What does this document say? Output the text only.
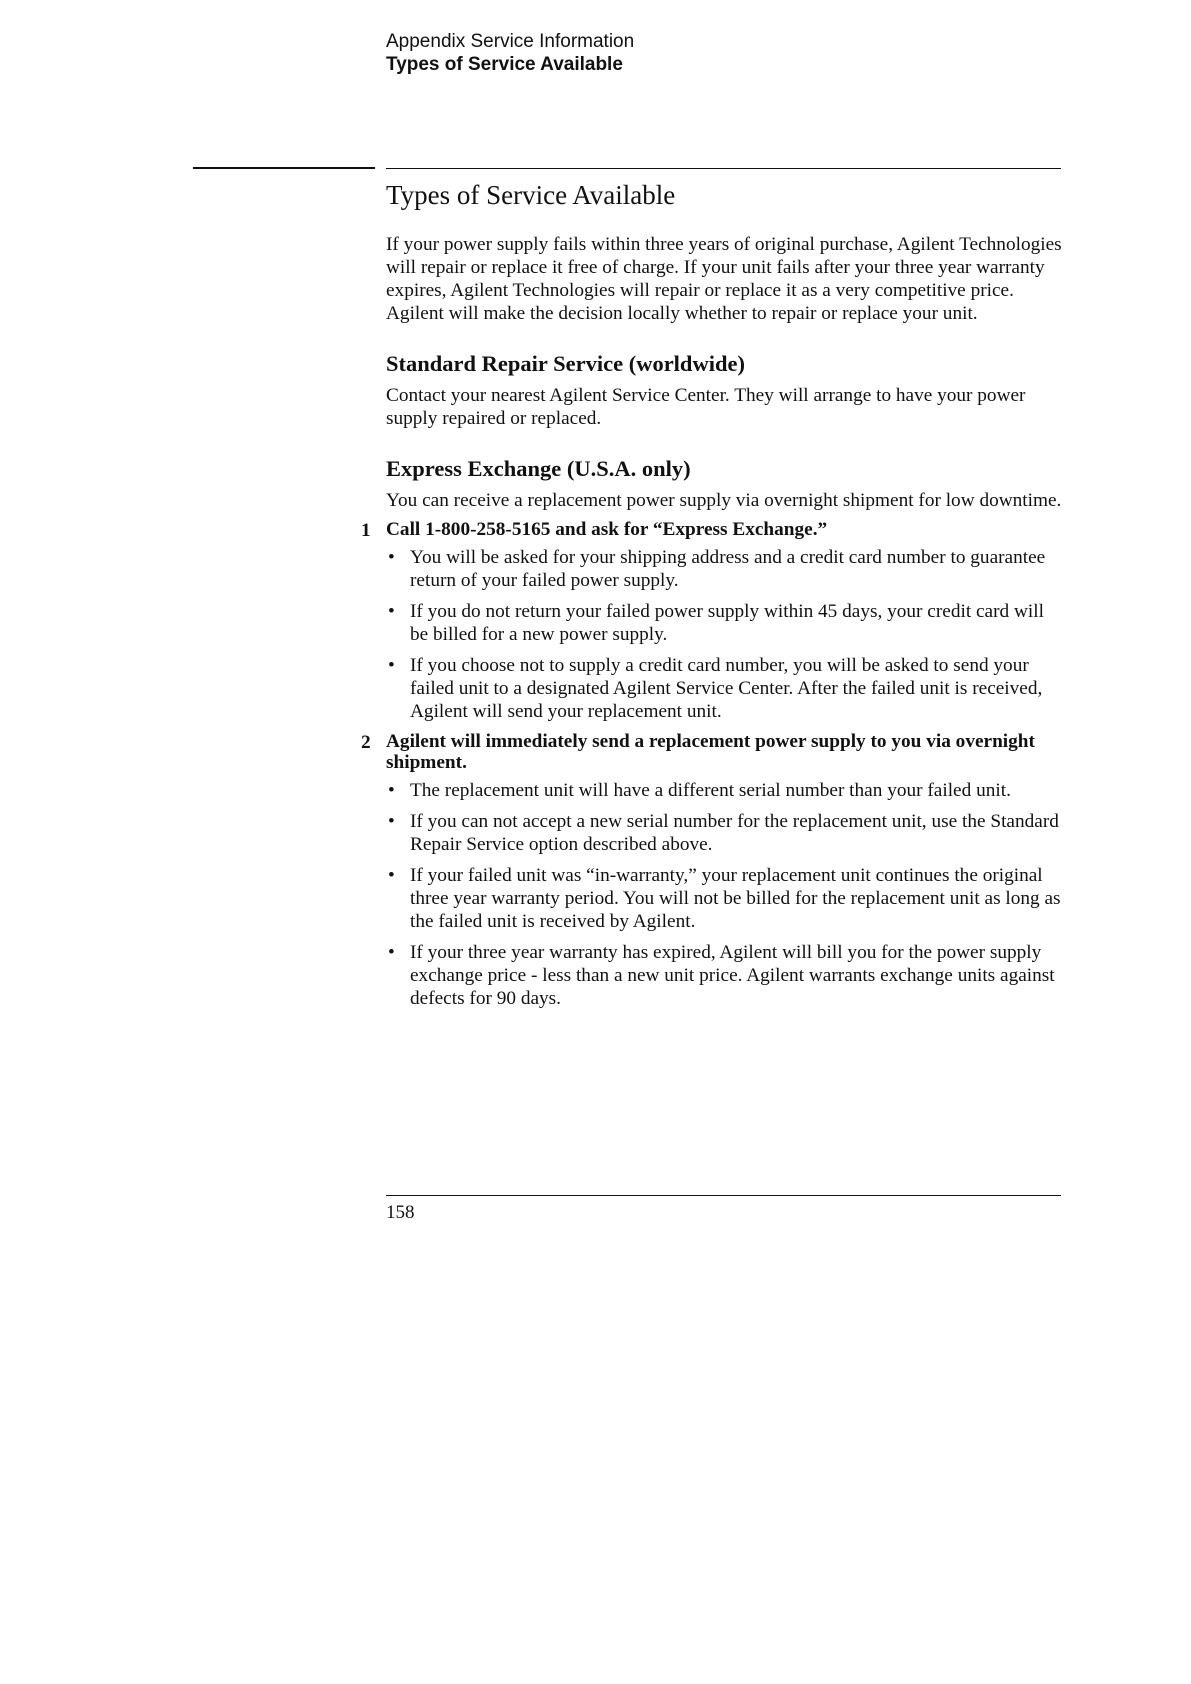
Appendix Service Information
Types of Service Available
Types of Service Available

If your power supply fails within three years of original purchase, Agilent Technologies will repair or replace it free of charge. If your unit fails after your three year warranty expires, Agilent Technologies will repair or replace it as a very competitive price. Agilent will make the decision locally whether to repair or replace your unit.

Standard Repair Service (worldwide)

Contact your nearest Agilent Service Center. They will arrange to have your power supply repaired or replaced.

Express Exchange (U.S.A. only)

You can receive a replacement power supply via overnight shipment for low downtime.

1 Call 1-800-258-5165 and ask for “Express Exchange.”
• You will be asked for your shipping address and a credit card number to guarantee return of your failed power supply.
• If you do not return your failed power supply within 45 days, your credit card will be billed for a new power supply.
• If you choose not to supply a credit card number, you will be asked to send your failed unit to a designated Agilent Service Center. After the failed unit is received, Agilent will send your replacement unit.
2 Agilent will immediately send a replacement power supply to you via overnight shipment.
• The replacement unit will have a different serial number than your failed unit.
• If you can not accept a new serial number for the replacement unit, use the Standard Repair Service option described above.
• If your failed unit was “in-warranty,” your replacement unit continues the original three year warranty period. You will not be billed for the replacement unit as long as the failed unit is received by Agilent.
• If your three year warranty has expired, Agilent will bill you for the power supply exchange price - less than a new unit price. Agilent warrants exchange units against defects for 90 days.
158
